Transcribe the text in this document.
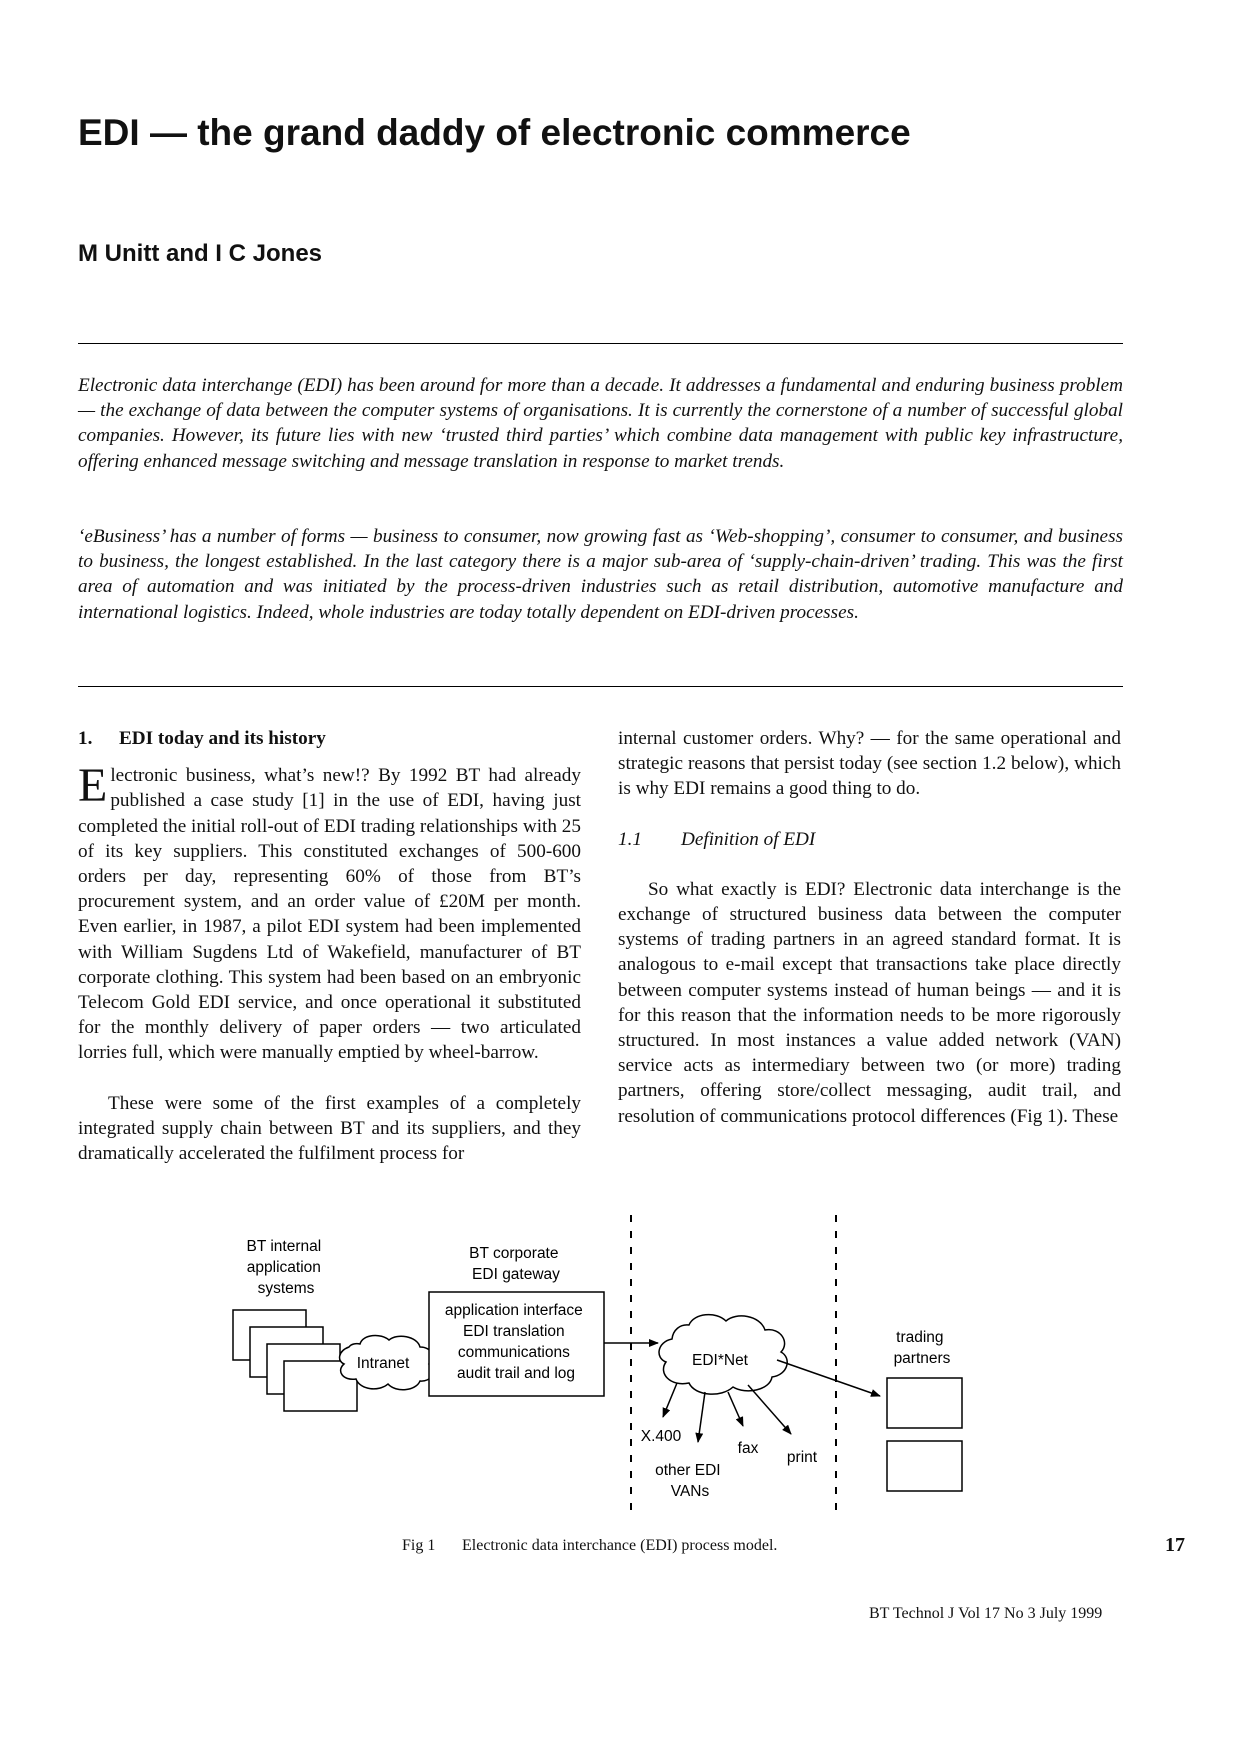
EDI — the grand daddy of electronic commerce
M Unitt and I C Jones

Electronic data interchange (EDI) has been around for more than a decade. It addresses a fundamental and enduring business problem — the exchange of data between the computer systems of organisations. It is currently the cornerstone of a number of successful global companies. However, its future lies with new ‘trusted third parties’ which combine data management with public key infrastructure, offering enhanced message switching and message translation in response to market trends.

‘eBusiness’ has a number of forms — business to consumer, now growing fast as ‘Web-shopping’, consumer to consumer, and business to business, the longest established. In the last category there is a major sub-area of ‘supply-chain-driven’ trading. This was the first area of automation and was initiated by the process-driven industries such as retail distribution, automotive manufacture and international logistics. Indeed, whole industries are today totally dependent on EDI-driven processes.

1. EDI today and its history

Electronic business, what’s new!? By 1992 BT had already published a case study [1] in the use of EDI, having just completed the initial roll-out of EDI trading relationships with 25 of its key suppliers. This constituted exchanges of 500-600 orders per day, representing 60% of those from BT’s procurement system, and an order value of £20M per month. Even earlier, in 1987, a pilot EDI system had been implemented with William Sugdens Ltd of Wakefield, manufacturer of BT corporate clothing. This system had been based on an embryonic Telecom Gold EDI service, and once operational it substituted for the monthly delivery of paper orders — two articulated lorries full, which were manually emptied by wheel-barrow.

These were some of the first examples of a completely integrated supply chain between BT and its suppliers, and they dramatically accelerated the fulfilment process for

internal customer orders. Why? — for the same operational and strategic reasons that persist today (see section 1.2 below), which is why EDI remains a good thing to do.

1.1 Definition of EDI

So what exactly is EDI? Electronic data interchange is the exchange of structured business data between the computer systems of trading partners in an agreed standard format. It is analogous to e-mail except that transactions take place directly between computer systems instead of human beings — and it is for this reason that the information needs to be more rigorously structured. In most instances a value added network (VAN) service acts as intermediary between two (or more) trading partners, offering store/collect messaging, audit trail, and resolution of communications protocol differences (Fig 1). These

BT internal application systems
Intranet
BT corporate EDI gateway
application interface EDI translation communications audit trail and log
EDI*Net
X.400
other EDI VANs
fax
print
trading partners
Fig 1 Electronic data interchance (EDI) process model.	17
BT Technol J Vol 17 No 3 July 1999
